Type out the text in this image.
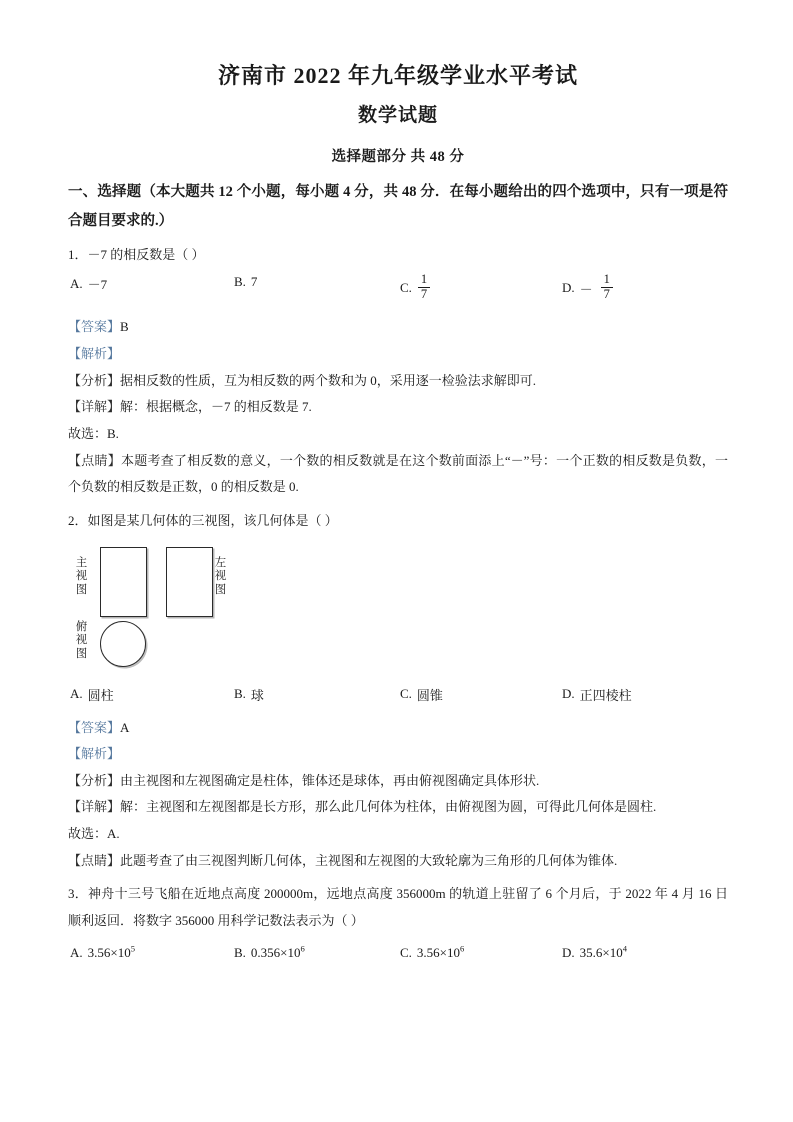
济南市 2022 年九年级学业水平考试
数学试题
选择题部分 共 48 分
一、选择题（本大题共 12 个小题，每小题 4 分，共 48 分．在每小题给出的四个选项中，只有一项是符合题目要求的.）
1．－7 的相反数是（ ）
A. －7	B. 7	C. $\frac{1}{7}$	D. － $\frac{1}{7}$
【答案】B
【解析】
【分析】据相反数的性质，互为相反数的两个数和为 0，采用逐一检验法求解即可.
【详解】解：根据概念，－7 的相反数是 7.
故选：B.
【点睛】本题考查了相反数的意义，一个数的相反数就是在这个数前面添上“－”号：一个正数的相反数是负数，一个负数的相反数是正数，0 的相反数是 0.
2．如图是某几何体的三视图，该几何体是（ ）
主视图
左视图
俯视图
A. 圆柱	B. 球	C. 圆锥	D. 正四棱柱
【答案】A
【解析】
【分析】由主视图和左视图确定是柱体，锥体还是球体，再由俯视图确定具体形状.
【详解】解：主视图和左视图都是长方形，那么此几何体为柱体，由俯视图为圆，可得此几何体是圆柱.
故选：A.
【点睛】此题考查了由三视图判断几何体，主视图和左视图的大致轮廓为三角形的几何体为锥体.
3．神舟十三号飞船在近地点高度 200000m，远地点高度 356000m 的轨道上驻留了 6 个月后，于 2022 年 4 月 16 日顺利返回．将数字 356000 用科学记数法表示为（ ）
A. $3.56\times 10^5$	B. $0.356\times 10^6$	C. $3.56\times 10^6$	D. $35.6\times 10^4$
